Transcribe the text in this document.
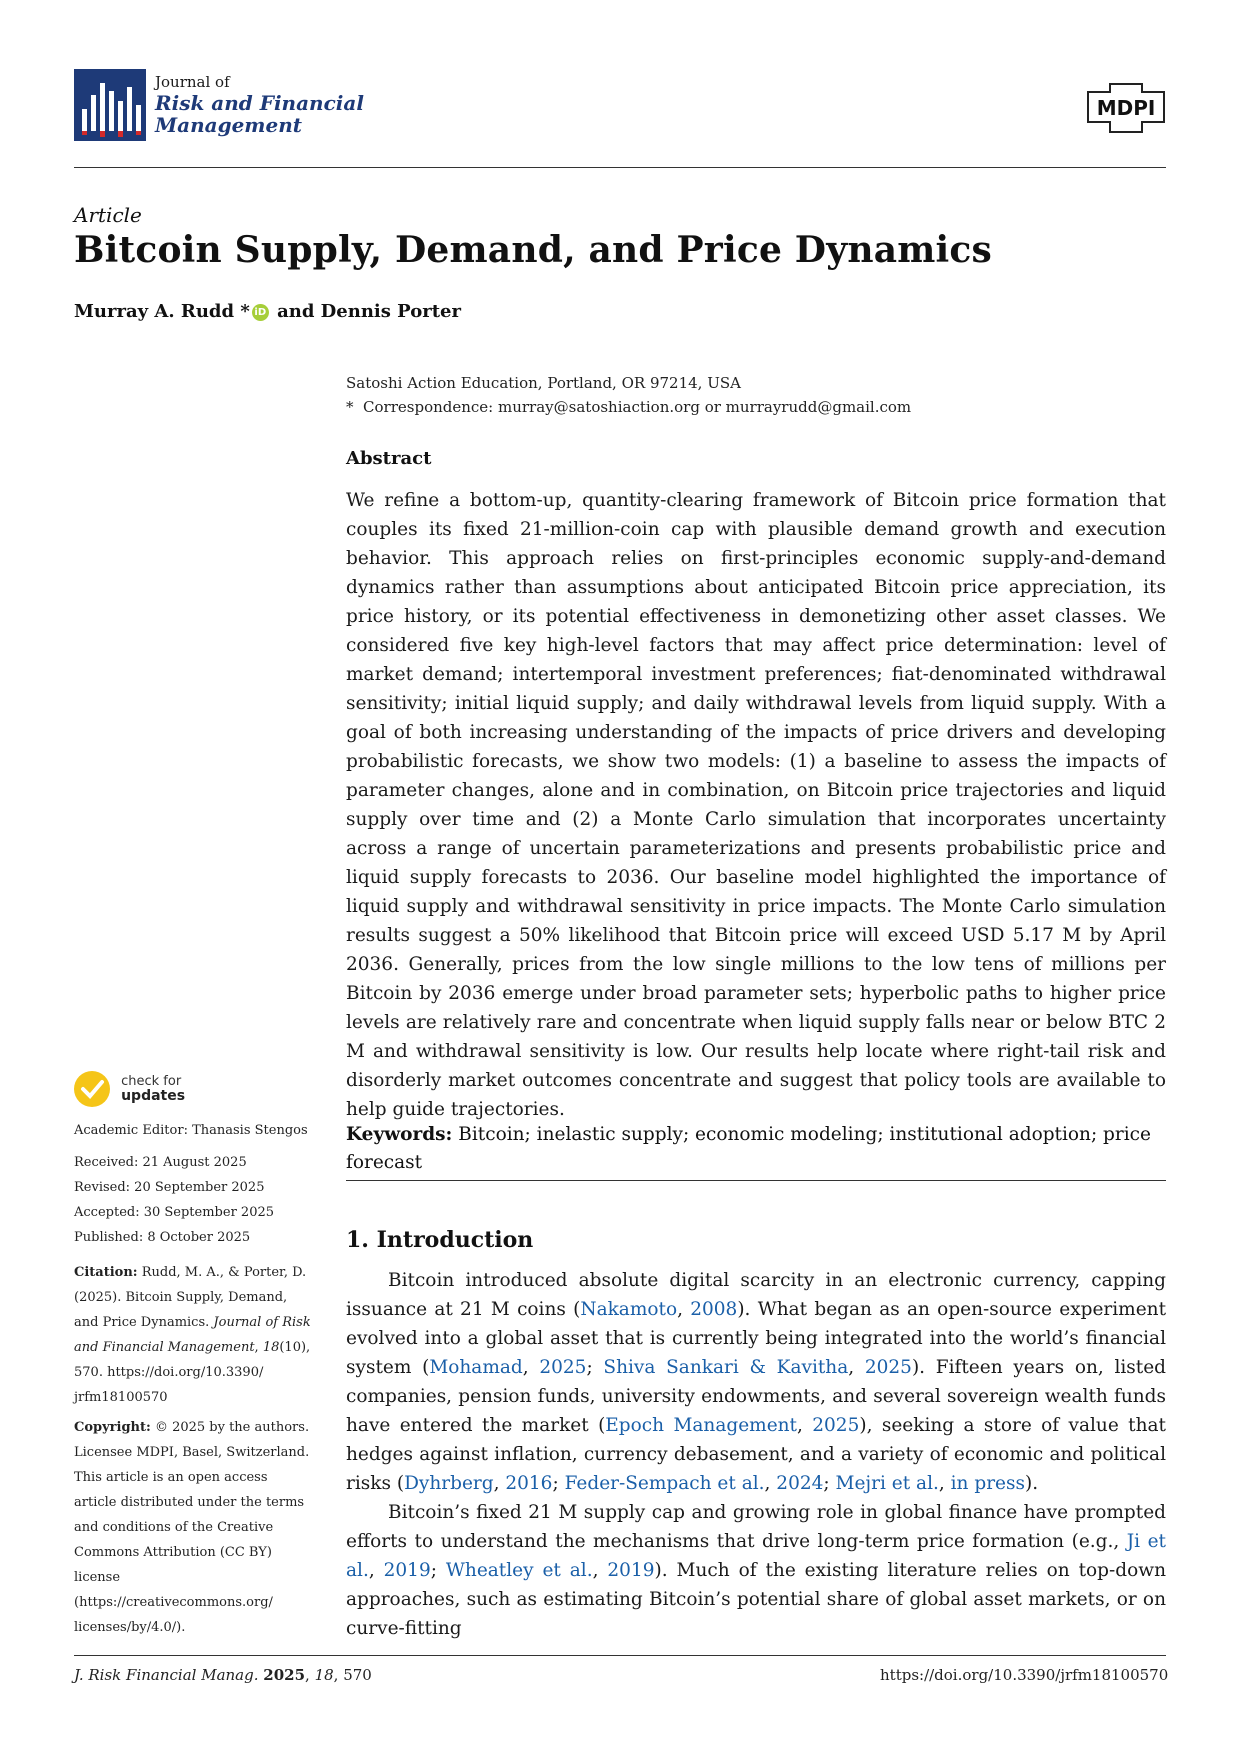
Journal of
Risk and Financial
Management
MDPI
Article
Bitcoin Supply, Demand, and Price Dynamics
Murray A. Rudd * iD and Dennis Porter
Satoshi Action Education, Portland, OR 97214, USA
* Correspondence: murray@satoshiaction.org or murrayrudd@gmail.com
Abstract
We refine a bottom-up, quantity-clearing framework of Bitcoin price formation that couples its fixed 21-million-coin cap with plausible demand growth and execution behavior. This approach relies on first-principles economic supply-and-demand dynamics rather than assumptions about anticipated Bitcoin price appreciation, its price history, or its potential effectiveness in demonetizing other asset classes. We considered five key high-level factors that may affect price determination: level of market demand; intertemporal investment preferences; fiat-denominated withdrawal sensitivity; initial liquid supply; and daily withdrawal levels from liquid supply. With a goal of both increasing understanding of the impacts of price drivers and developing probabilistic forecasts, we show two models: (1) a baseline to assess the impacts of parameter changes, alone and in combination, on Bitcoin price trajectories and liquid supply over time and (2) a Monte Carlo simulation that incorporates uncertainty across a range of uncertain parameterizations and presents probabilistic price and liquid supply forecasts to 2036. Our baseline model highlighted the importance of liquid supply and withdrawal sensitivity in price impacts. The Monte Carlo simulation results suggest a 50% likelihood that Bitcoin price will exceed USD 5.17 M by April 2036. Generally, prices from the low single millions to the low tens of millions per Bitcoin by 2036 emerge under broad parameter sets; hyperbolic paths to higher price levels are relatively rare and concentrate when liquid supply falls near or below BTC 2 M and withdrawal sensitivity is low. Our results help locate where right-tail risk and disorderly market outcomes concentrate and suggest that policy tools are available to help guide trajectories.
Keywords: Bitcoin; inelastic supply; economic modeling; institutional adoption; price forecast
1. Introduction

Bitcoin introduced absolute digital scarcity in an electronic currency, capping issuance at 21 M coins (Nakamoto, 2008). What began as an open-source experiment evolved into a global asset that is currently being integrated into the world’s financial system (Mohamad, 2025; Shiva Sankari & Kavitha, 2025). Fifteen years on, listed companies, pension funds, university endowments, and several sovereign wealth funds have entered the market (Epoch Management, 2025), seeking a store of value that hedges against inflation, currency debasement, and a variety of economic and political risks (Dyhrberg, 2016; Feder-Sempach et al., 2024; Mejri et al., in press).

Bitcoin’s fixed 21 M supply cap and growing role in global finance have prompted efforts to understand the mechanisms that drive long-term price formation (e.g., Ji et al., 2019; Wheatley et al., 2019). Much of the existing literature relies on top-down approaches, such as estimating Bitcoin’s potential share of global asset markets, or on curve-fitting

check for
updates
Academic Editor: Thanasis Stengos
Received: 21 August 2025
Revised: 20 September 2025
Accepted: 30 September 2025
Published: 8 October 2025
Citation: Rudd, M. A., & Porter, D. (2025). Bitcoin Supply, Demand, and Price Dynamics. Journal of Risk and Financial Management, 18(10), 570. https://doi.org/10.3390/ jrfm18100570
Copyright: © 2025 by the authors. Licensee MDPI, Basel, Switzerland. This article is an open access article distributed under the terms and conditions of the Creative Commons Attribution (CC BY) license (https://creativecommons.org/ licenses/by/4.0/).
J. Risk Financial Manag. 2025, 18, 570	https://doi.org/10.3390/jrfm18100570
